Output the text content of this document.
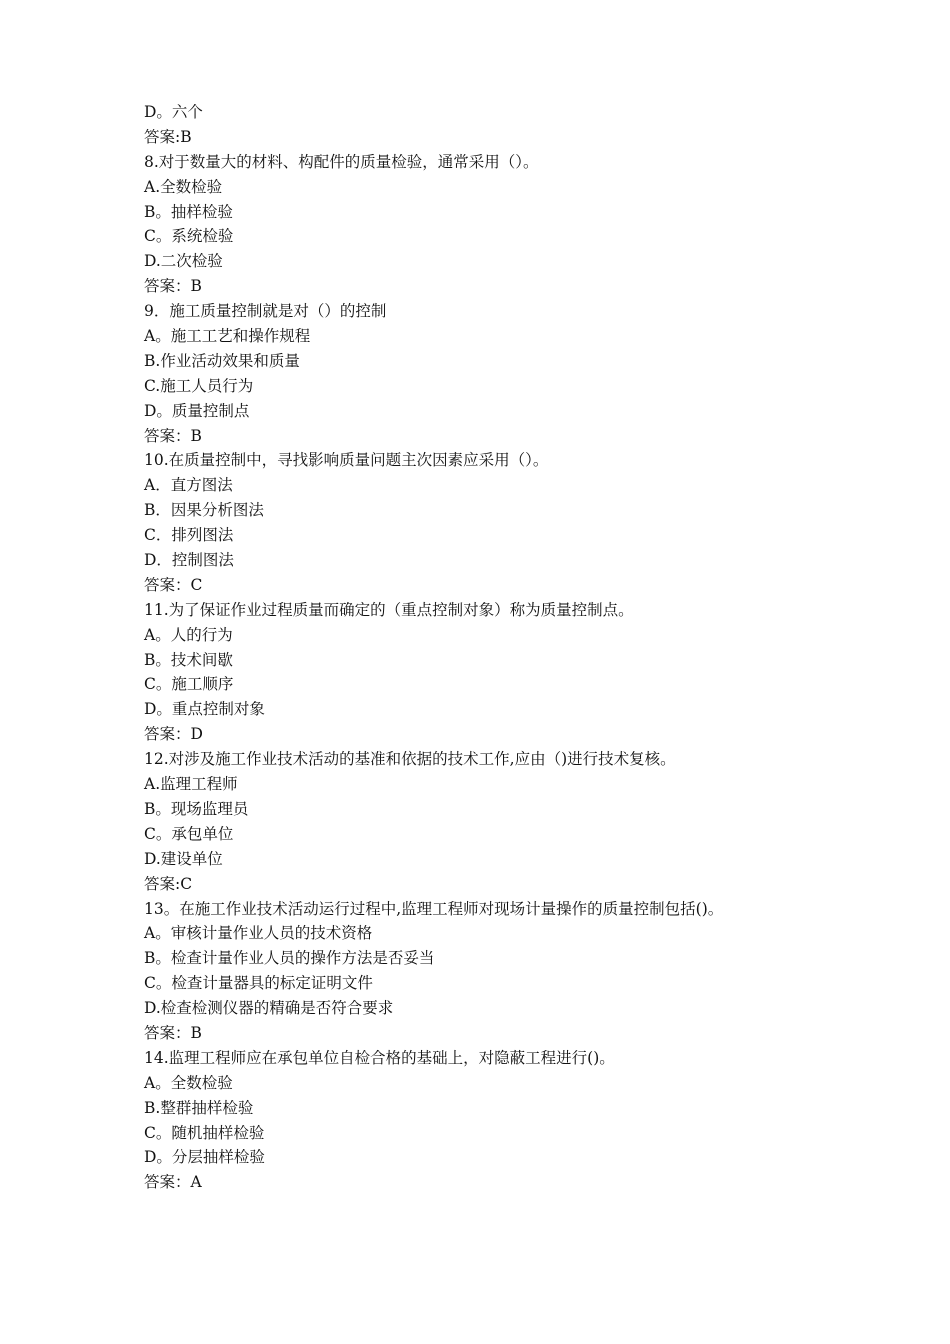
D。六个
答案:B
8.对于数量大的材料、构配件的质量检验，通常采用（）。
A.全数检验
B。抽样检验
C。系统检验
D.二次检验
答案：B
9．施工质量控制就是对（）的控制
A。施工工艺和操作规程
B.作业活动效果和质量
C.施工人员行为
D。质量控制点
答案：B
10.在质量控制中，寻找影响质量问题主次因素应采用（）。
A．直方图法
B．因果分析图法
C．排列图法
D．控制图法
答案：C
11.为了保证作业过程质量而确定的（重点控制对象）称为质量控制点。
A。人的行为
B。技术间歇
C。施工顺序
D。重点控制对象
答案：D
12.对涉及施工作业技术活动的基准和依据的技术工作,应由（)进行技术复核。
A.监理工程师
B。现场监理员
C。承包单位
D.建设单位
答案:C
13。在施工作业技术活动运行过程中,监理工程师对现场计量操作的质量控制包括()。
A。审核计量作业人员的技术资格
B。检查计量作业人员的操作方法是否妥当
C。检查计量器具的标定证明文件
D.检查检测仪器的精确是否符合要求
答案：B
14.监理工程师应在承包单位自检合格的基础上，对隐蔽工程进行()。
A。全数检验
B.整群抽样检验
C。随机抽样检验
D。分层抽样检验
答案：A
